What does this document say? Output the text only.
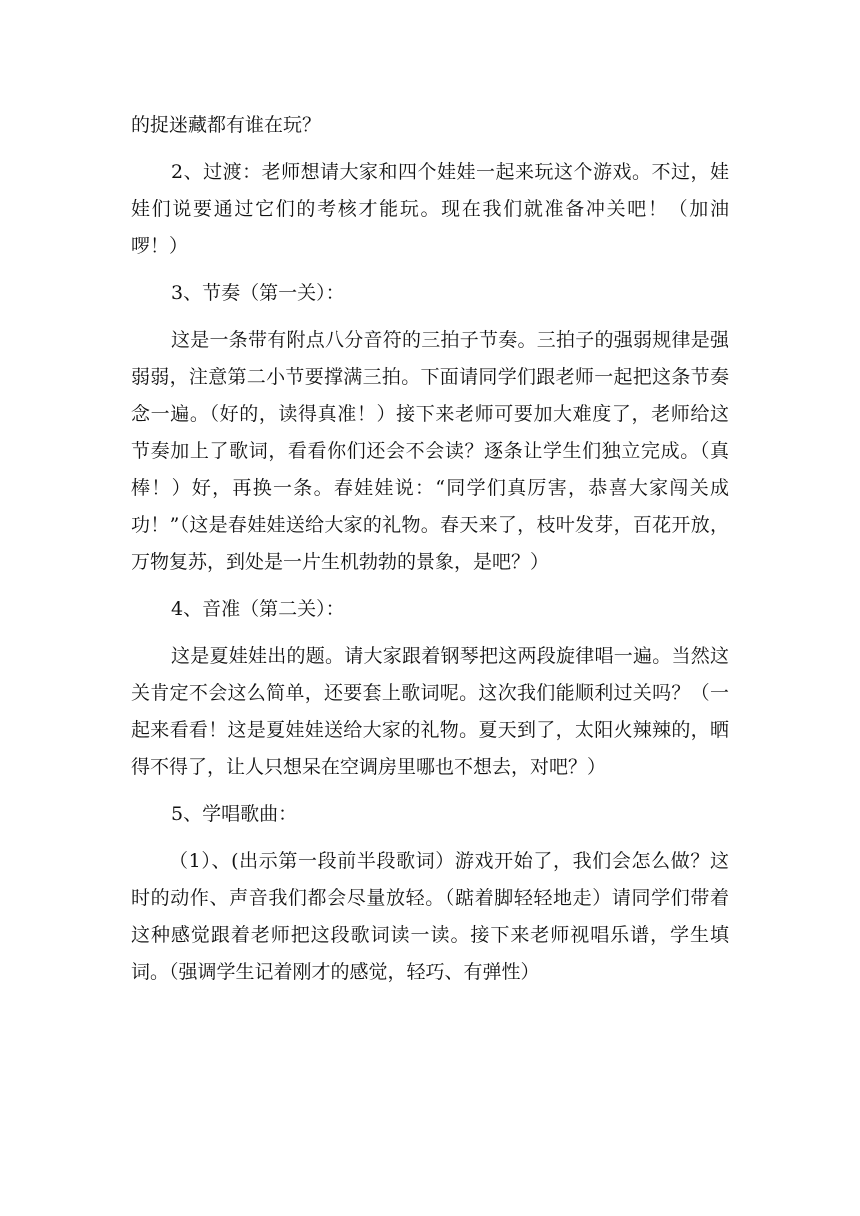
的捉迷藏都有谁在玩？

2、过渡：老师想请大家和四个娃娃一起来玩这个游戏。不过，娃娃们说要通过它们的考核才能玩。现在我们就准备冲关吧！（加油啰！）

3、节奏（第一关）：

这是一条带有附点八分音符的三拍子节奏。三拍子的强弱规律是强弱弱，注意第二小节要撑满三拍。下面请同学们跟老师一起把这条节奏念一遍。（好的，读得真准！）接下来老师可要加大难度了，老师给这节奏加上了歌词，看看你们还会不会读？逐条让学生们独立完成。（真棒！）好，再换一条。春娃娃说：“同学们真厉害，恭喜大家闯关成功！”（这是春娃娃送给大家的礼物。春天来了，枝叶发芽，百花开放，万物复苏，到处是一片生机勃勃的景象，是吧？）

4、音准（第二关）：

这是夏娃娃出的题。请大家跟着钢琴把这两段旋律唱一遍。当然这关肯定不会这么简单，还要套上歌词呢。这次我们能顺利过关吗？（一起来看看！这是夏娃娃送给大家的礼物。夏天到了，太阳火辣辣的，晒得不得了，让人只想呆在空调房里哪也不想去，对吧？）

5、学唱歌曲：

（1）、(出示第一段前半段歌词）游戏开始了，我们会怎么做？这时的动作、声音我们都会尽量放轻。（踮着脚轻轻地走）请同学们带着这种感觉跟着老师把这段歌词读一读。接下来老师视唱乐谱，学生填词。（强调学生记着刚才的感觉，轻巧、有弹性）
